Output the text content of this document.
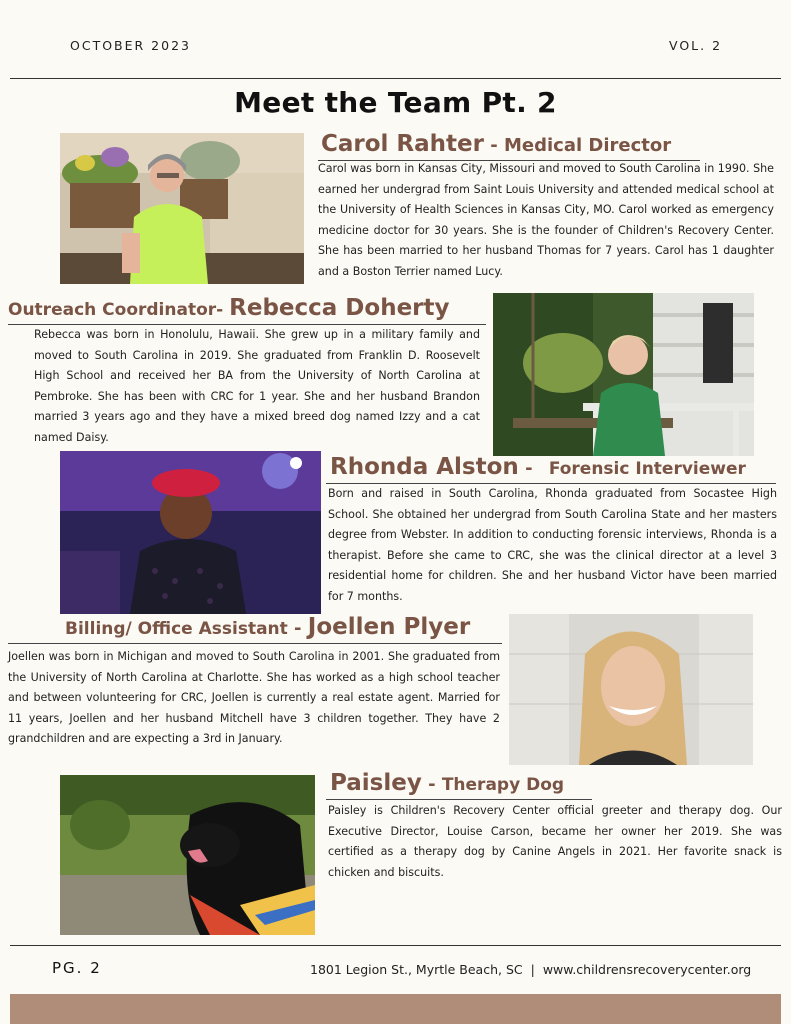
OCTOBER 2023	VOL. 2
Meet the Team Pt. 2
Carol Rahter - Medical Director
Carol was born in Kansas City, Missouri and moved to South Carolina in 1990. She earned her undergrad from Saint Louis University and attended medical school at the University of Health Sciences in Kansas City, MO. Carol worked as emergency medicine doctor for 30 years. She is the founder of Children's Recovery Center. She has been married to her husband Thomas for 7 years. Carol has 1 daughter and a Boston Terrier named Lucy.
Outreach Coordinator- Rebecca Doherty
Rebecca was born in Honolulu, Hawaii. She grew up in a military family and moved to South Carolina in 2019. She graduated from Franklin D. Roosevelt High School and received her BA from the University of North Carolina at Pembroke. She has been with CRC for 1 year. She and her husband Brandon married 3 years ago and they have a mixed breed dog named Izzy and a cat named Daisy.
Rhonda Alston - Forensic Interviewer
Born and raised in South Carolina, Rhonda graduated from Socastee High School. She obtained her undergrad from South Carolina State and her masters degree from Webster. In addition to conducting forensic interviews, Rhonda is a therapist. Before she came to CRC, she was the clinical director at a level 3 residential home for children. She and her husband Victor have been married for 7 months.
Billing/ Office Assistant - Joellen Plyer
Joellen was born in Michigan and moved to South Carolina in 2001. She graduated from the University of North Carolina at Charlotte. She has worked as a high school teacher and between volunteering for CRC, Joellen is currently a real estate agent. Married for 11 years, Joellen and her husband Mitchell have 3 children together. They have 2 grandchildren and are expecting a 3rd in January.
Paisley - Therapy Dog
Paisley is Children's Recovery Center official greeter and therapy dog. Our Executive Director, Louise Carson, became her owner her 2019. She was certified as a therapy dog by Canine Angels in 2021. Her favorite snack is chicken and biscuits.
PG. 2	1801 Legion St., Myrtle Beach, SC | www.childrensrecoverycenter.org
